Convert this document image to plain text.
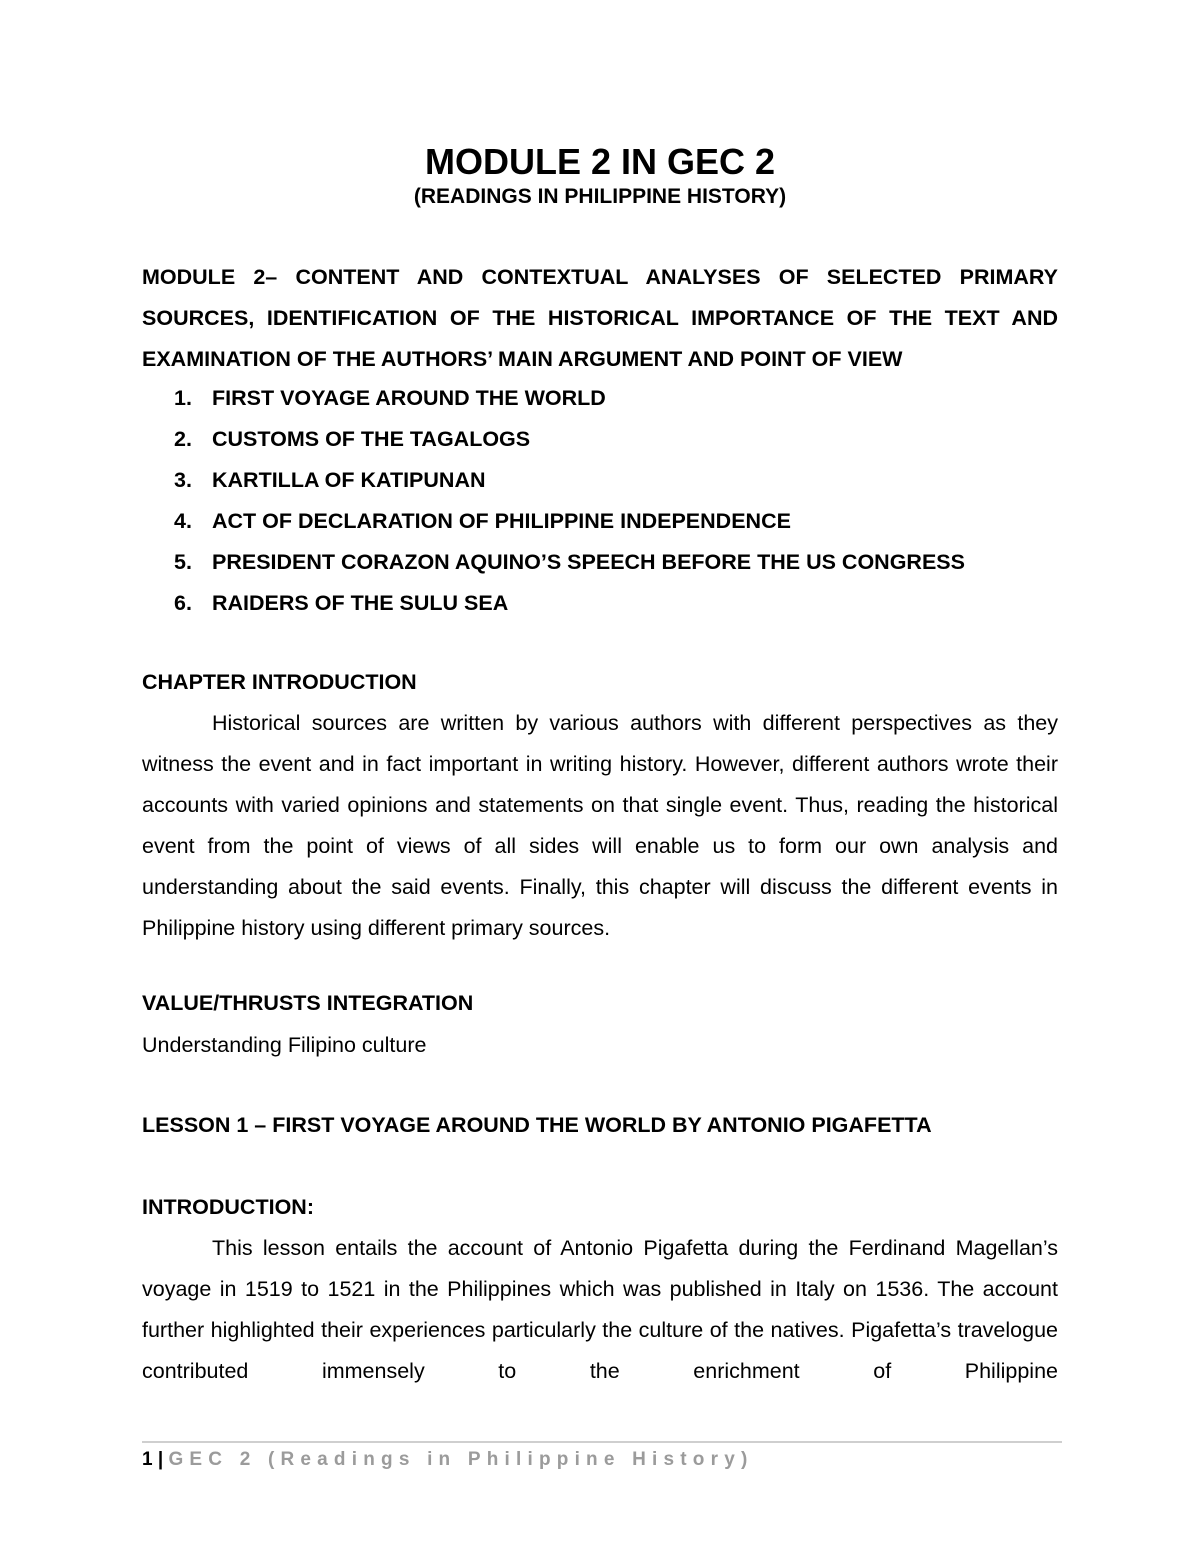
MODULE 2 IN GEC 2
(READINGS IN PHILIPPINE HISTORY)
MODULE 2– CONTENT AND CONTEXTUAL ANALYSES OF SELECTED PRIMARY SOURCES, IDENTIFICATION OF THE HISTORICAL IMPORTANCE OF THE TEXT AND EXAMINATION OF THE AUTHORS’ MAIN ARGUMENT AND POINT OF VIEW
1. FIRST VOYAGE AROUND THE WORLD
2. CUSTOMS OF THE TAGALOGS
3. KARTILLA OF KATIPUNAN
4. ACT OF DECLARATION OF PHILIPPINE INDEPENDENCE
5. PRESIDENT CORAZON AQUINO’S SPEECH BEFORE THE US CONGRESS
6. RAIDERS OF THE SULU SEA
CHAPTER INTRODUCTION

Historical sources are written by various authors with different perspectives as they witness the event and in fact important in writing history. However, different authors wrote their accounts with varied opinions and statements on that single event. Thus, reading the historical event from the point of views of all sides will enable us to form our own analysis and understanding about the said events. Finally, this chapter will discuss the different events in Philippine history using different primary sources.

VALUE/THRUSTS INTEGRATION
Understanding Filipino culture
LESSON 1 – FIRST VOYAGE AROUND THE WORLD BY ANTONIO PIGAFETTA
INTRODUCTION:

This lesson entails the account of Antonio Pigafetta during the Ferdinand Magellan’s voyage in 1519 to 1521 in the Philippines which was published in Italy on 1536. The account further highlighted their experiences particularly the culture of the natives. Pigafetta’s travelogue contributed immensely to the enrichment of Philippine

1 | GEC 2 (Readings in Philippine History)
